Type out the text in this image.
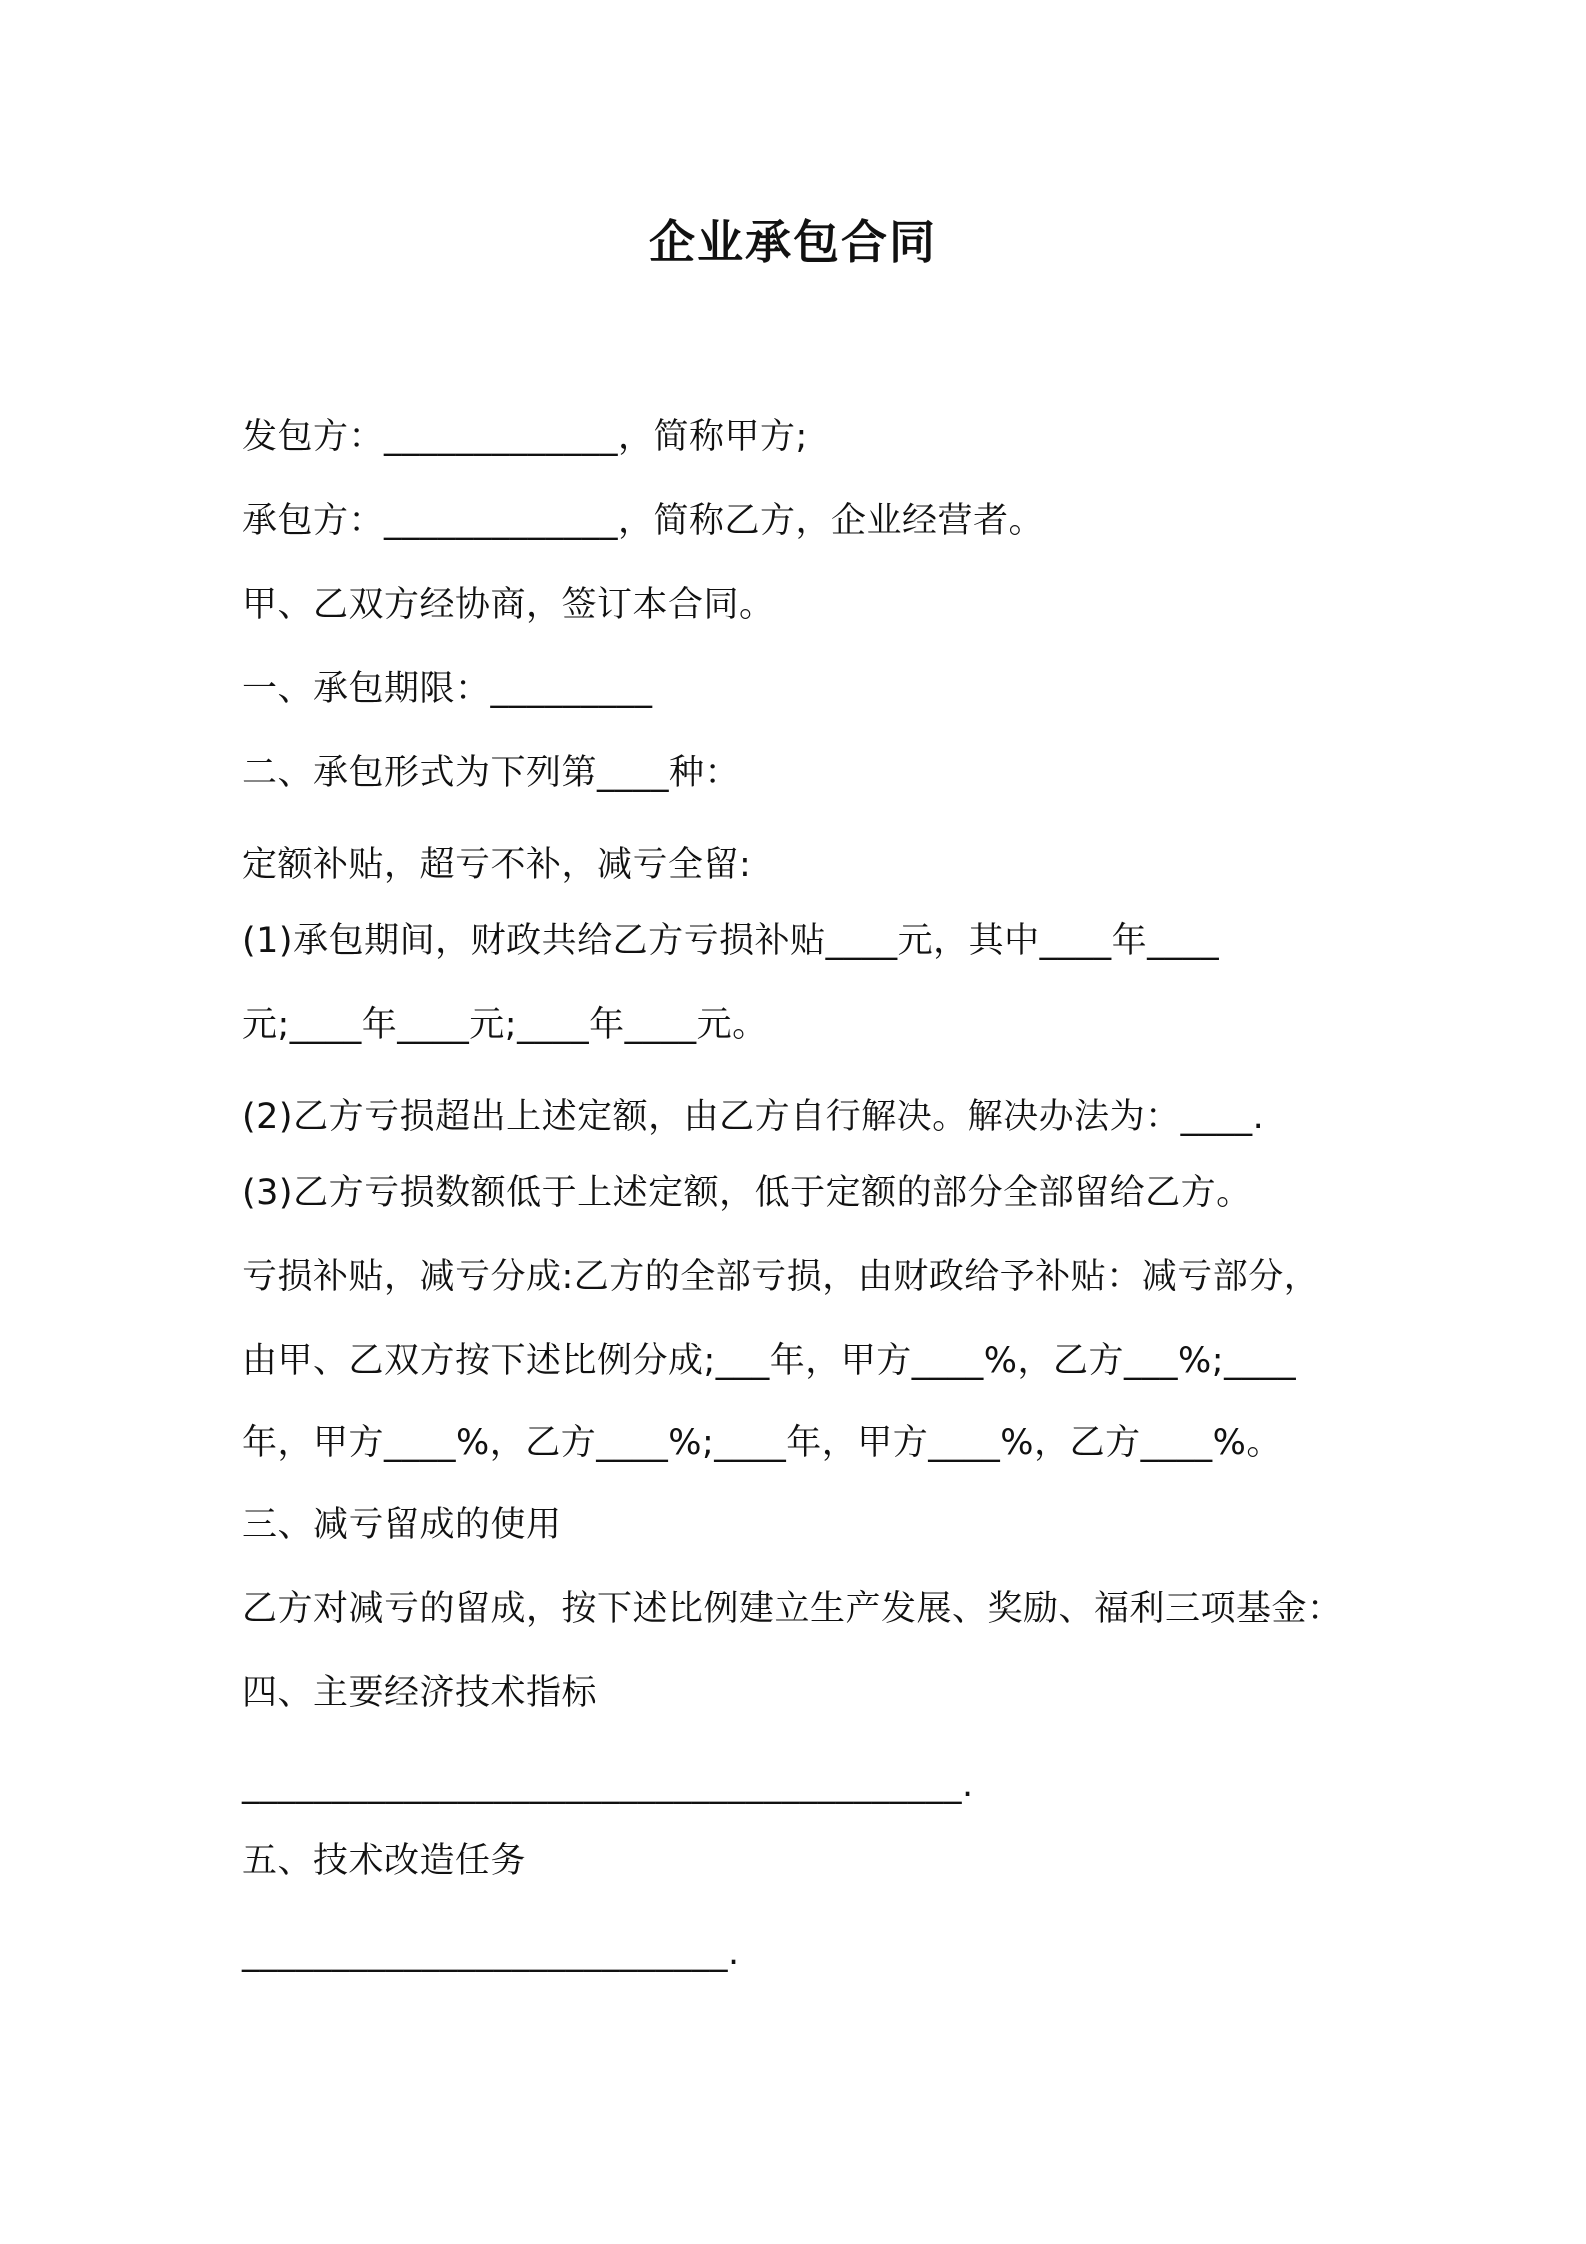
企业承包合同
发包方：_____________，简称甲方;
承包方：_____________，简称乙方，企业经营者。
甲、乙双方经协商，签订本合同。
一、承包期限：_________
二、承包形式为下列第____种：
定额补贴，超亏不补，减亏全留:
(1)承包期间，财政共给乙方亏损补贴____元，其中____年____
元;____年____元;____年____元。
(2)乙方亏损超出上述定额，由乙方自行解决。解决办法为：____.
(3)乙方亏损数额低于上述定额，低于定额的部分全部留给乙方。
亏损补贴，减亏分成:乙方的全部亏损，由财政给予补贴：减亏部分，
由甲、乙双方按下述比例分成;___年，甲方____%，乙方___%;____
年，甲方____%，乙方____%;____年，甲方____%，乙方____%。
三、减亏留成的使用
乙方对减亏的留成，按下述比例建立生产发展、奖励、福利三项基金：
四、主要经济技术指标
________________________________________.
五、技术改造任务
___________________________.
